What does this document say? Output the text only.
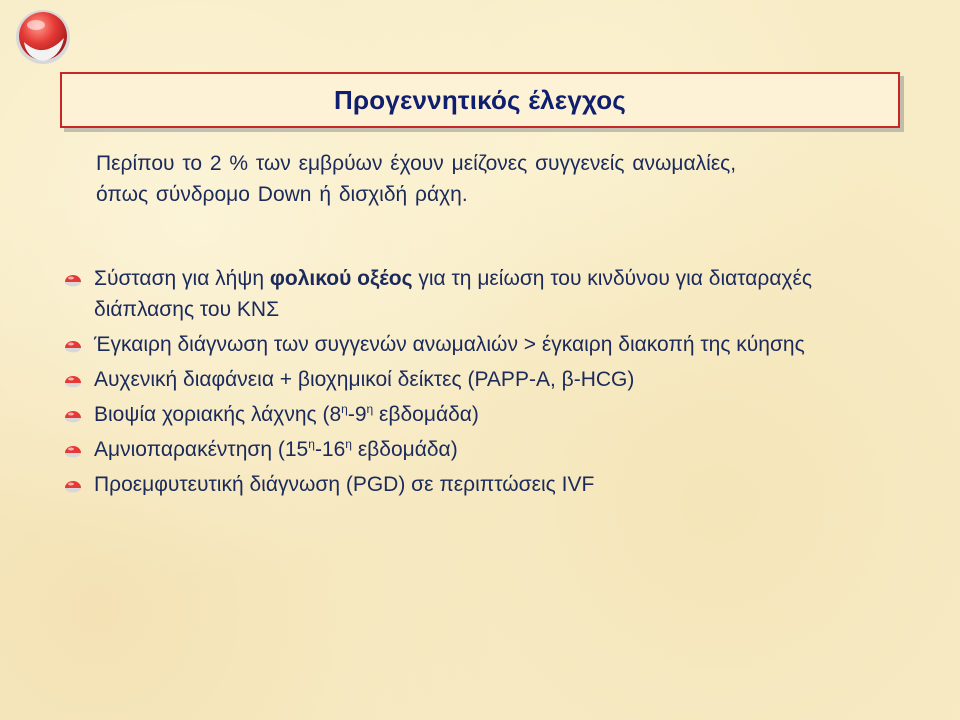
Προγεννητικός έλεγχος
Περίπου το 2 % των εμβρύων έχουν μείζονες συγγενείς ανωμαλίες,
όπως σύνδρομο Down ή δισχιδή ράχη.
Σύσταση για λήψη φολικού οξέος για τη μείωση του κινδύνου για διαταραχές διάπλασης του ΚΝΣ
Έγκαιρη διάγνωση των συγγενών ανωμαλιών > έγκαιρη διακοπή της κύησης
Αυχενική διαφάνεια + βιοχημικοί δείκτες (PAPP-A, β-HCG)
Βιοψία χοριακής λάχνης ($8^\eta-9^\eta$ εβδομάδα)
Αμνιοπαρακέντηση ($15^\eta-16^\eta$ εβδομάδα)
Προεμφυτευτική διάγνωση (PGD) σε περιπτώσεις IVF
